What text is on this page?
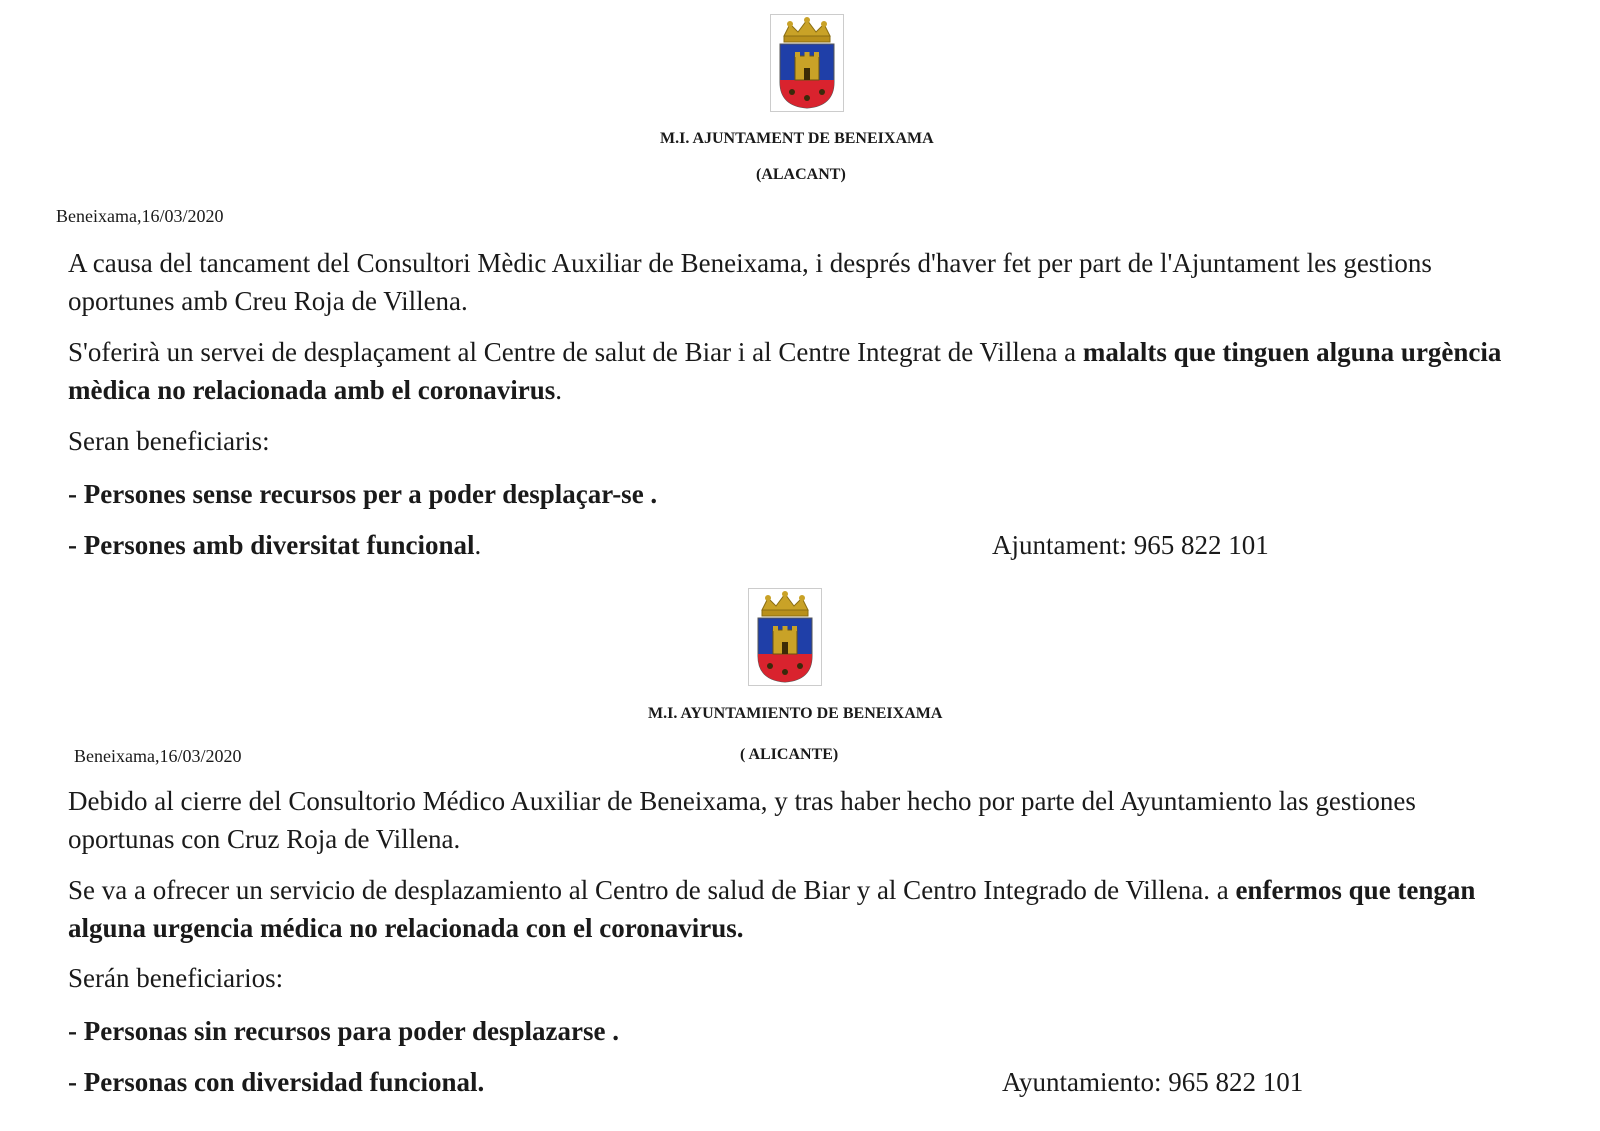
M.I. AJUNTAMENT DE BENEIXAMA
(ALACANT)
Beneixama,16/03/2020
A causa del tancament del Consultori Mèdic Auxiliar de Beneixama, i després d'haver fet per part de l'Ajuntament les gestions oportunes amb Creu Roja de Villena.
S'oferirà un servei de desplaçament al Centre de salut de Biar i al Centre Integrat de Villena a malalts que tinguen alguna urgència mèdica no relacionada amb el coronavirus.
Seran beneficiaris:
- Persones sense recursos per a poder desplaçar-se .
- Persones amb diversitat funcional.	Ajuntament: 965 822 101
M.I. AYUNTAMIENTO DE BENEIXAMA
Beneixama,16/03/2020	( ALICANTE)
Debido al cierre del Consultorio Médico Auxiliar de Beneixama, y tras haber hecho por parte del Ayuntamiento las gestiones oportunas con Cruz Roja de Villena.
Se va a ofrecer un servicio de desplazamiento al Centro de salud de Biar y al Centro Integrado de Villena. a enfermos que tengan alguna urgencia médica no relacionada con el coronavirus.
Serán beneficiarios:
- Personas sin recursos para poder desplazarse .
- Personas con diversidad funcional.	Ayuntamiento: 965 822 101
